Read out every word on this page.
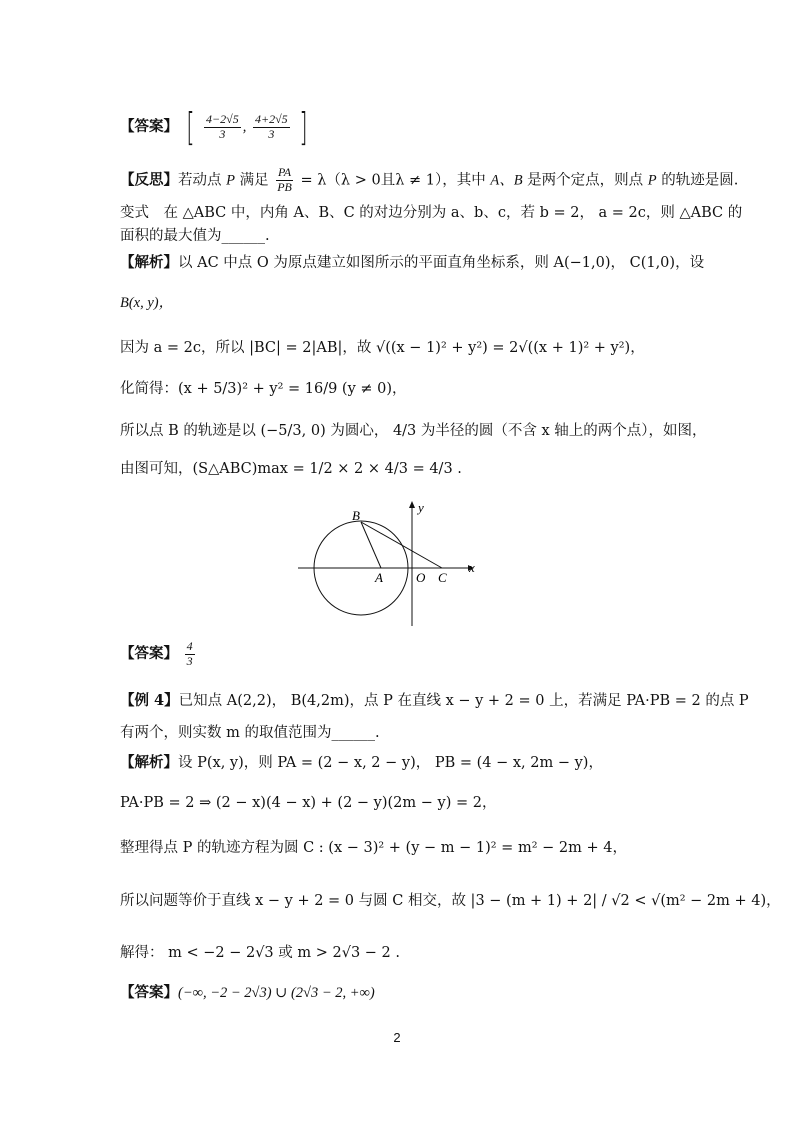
【答案】 [ $\frac{4-2√5}{3}$ , $\frac{4+2√5}{3}$ ]
【反思】若动点 P 满足 $\frac{PA}{PB} = \lambda(\lambda > 0$且λ ≠ 1），其中 A、B 是两个定点，则点 P 的轨迹是圆.
变式　在 △ABC 中，内角 A、B、C 的对边分别为 a、b、c，若 b = 2， a = 2c，则 △ABC 的
面积的最大值为______.
【解析】以 AC 中点 O 为原点建立如图所示的平面直角坐标系，则 A(−1,0)， C(1,0)，设
B(x, y)，
因为 a = 2c，所以 |BC| = 2|AB|，故 √((x − 1)² + y²) = 2√((x + 1)² + y²)，
化简得：(x + 5/3)² + y² = 16/9 (y ≠ 0)，
所以点 B 的轨迹是以 (−5/3, 0) 为圆心， 4/3 为半径的圆（不含 x 轴上的两个点），如图，
由图可知，(S△ABC)max = 1/2 × 2 × 4/3 = 4/3 .
B
y
A	O C
x
【答案】 $\frac{4}{3}$
【例 4】已知点 A(2,2)， B(4,2m)，点 P 在直线 x − y + 2 = 0 上，若满足 PA·PB = 2 的点 P
有两个，则实数 m 的取值范围为______.
【解析】设 P(x, y)，则 PA = (2 − x, 2 − y)， PB = (4 − x, 2m − y)，
PA·PB = 2 ⇒ (2 − x)(4 − x) + (2 − y)(2m − y) = 2，
整理得点 P 的轨迹方程为圆 C : (x − 3)² + (y − m − 1)² = m² − 2m + 4，
所以问题等价于直线 x − y + 2 = 0 与圆 C 相交，故 |3 − (m + 1) + 2| / √2 < √(m² − 2m + 4)，
解得： m < −2 − 2√3 或 m > 2√3 − 2 .
【答案】(−∞, −2 − 2√3) ∪ (2√3 − 2, +∞)
2
